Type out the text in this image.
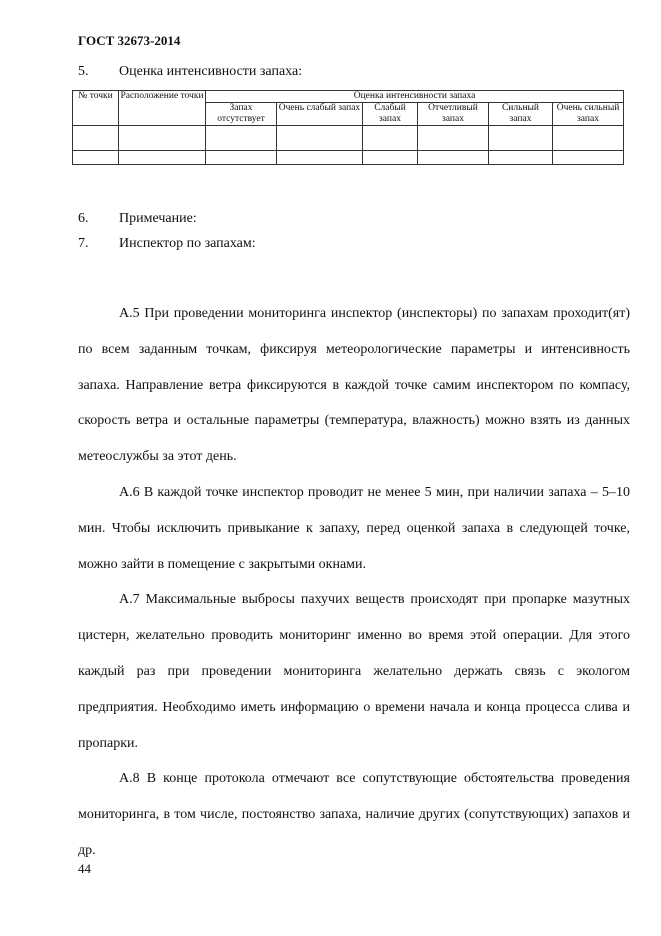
ГОСТ 32673-2014
5. Оценка интенсивности запаха:
№ точки	Расположение точки	Оценка интенсивности запаха					
		Запах отсутствует	Очень слабый запах	Слабый запах	Отчетливый запах	Сильный запах	Очень сильный запах

6. Примечание:
7. Инспектор по запахам:

А.5 При проведении мониторинга инспектор (инспекторы) по запахам проходит(ят) по всем заданным точкам, фиксируя метеорологические параметры и интенсивность запаха. Направление ветра фиксируются в каждой точке самим инспектором по компасу, скорость ветра и остальные параметры (температура, влажность) можно взять из данных метеослужбы за этот день.

А.6 В каждой точке инспектор проводит не менее 5 мин, при наличии запаха – 5–10 мин. Чтобы исключить привыкание к запаху, перед оценкой запаха в следующей точке, можно зайти в помещение с закрытыми окнами.

А.7 Максимальные выбросы пахучих веществ происходят при пропарке мазутных цистерн, желательно проводить мониторинг именно во время этой операции. Для этого каждый раз при проведении мониторинга желательно держать связь с экологом предприятия. Необходимо иметь информацию о времени начала и конца процесса слива и пропарки.

А.8 В конце протокола отмечают все сопутствующие обстоятельства проведения мониторинга, в том числе, постоянство запаха, наличие других (сопутствующих) запахов и др.

44
